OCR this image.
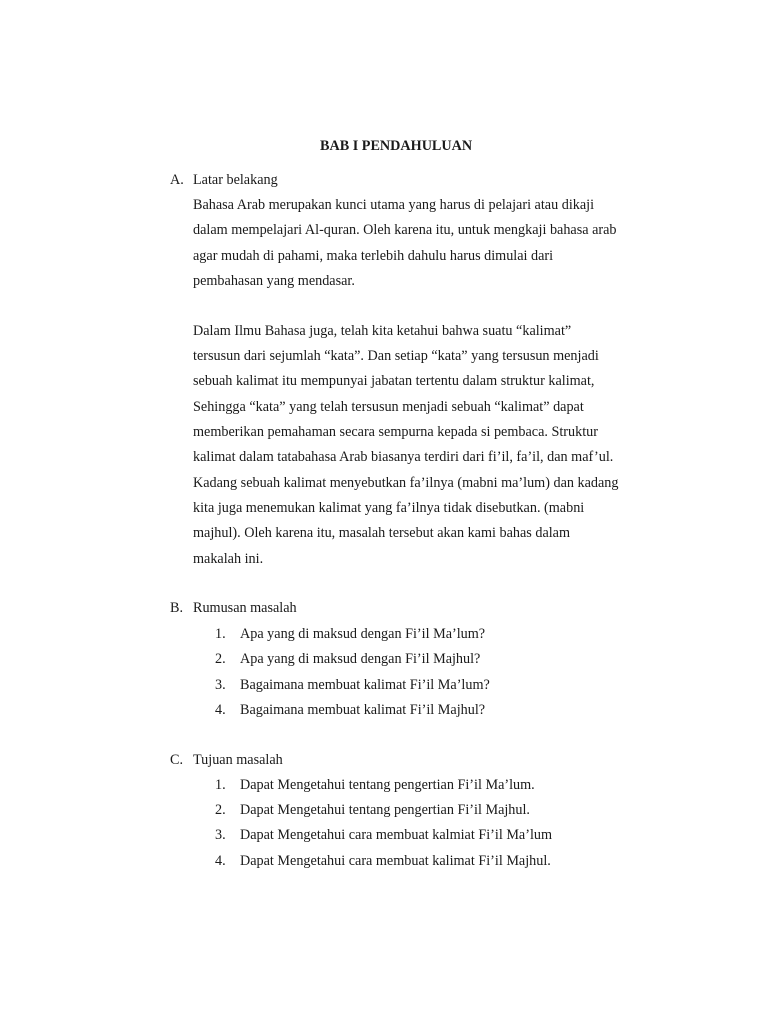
BAB I PENDAHULUAN
A. Latar belakang
Bahasa Arab merupakan kunci utama yang harus di pelajari atau dikaji
dalam mempelajari Al-quran. Oleh karena itu, untuk mengkaji bahasa arab
agar mudah di pahami, maka terlebih dahulu harus dimulai dari
pembahasan yang mendasar.
Dalam Ilmu Bahasa juga, telah kita ketahui bahwa suatu “kalimat”
tersusun dari sejumlah “kata”. Dan setiap “kata” yang tersusun menjadi
sebuah kalimat itu mempunyai jabatan tertentu dalam struktur kalimat,
Sehingga “kata” yang telah tersusun menjadi sebuah “kalimat” dapat
memberikan pemahaman secara sempurna kepada si pembaca. Struktur
kalimat dalam tatabahasa Arab biasanya terdiri dari fi’il, fa’il, dan maf’ul.
Kadang sebuah kalimat menyebutkan fa’ilnya (mabni ma’lum) dan kadang
kita juga menemukan kalimat yang fa’ilnya tidak disebutkan. (mabni
majhul). Oleh karena itu, masalah tersebut akan kami bahas dalam
makalah ini.
B. Rumusan masalah
1. Apa yang di maksud dengan Fi’il Ma’lum?
2. Apa yang di maksud dengan Fi’il Majhul?
3. Bagaimana membuat kalimat Fi’il Ma’lum?
4. Bagaimana membuat kalimat Fi’il Majhul?
C. Tujuan masalah
1. Dapat Mengetahui tentang pengertian Fi’il Ma’lum.
2. Dapat Mengetahui tentang pengertian Fi’il Majhul.
3. Dapat Mengetahui cara membuat kalmiat Fi’il Ma’lum
4. Dapat Mengetahui cara membuat kalimat Fi’il Majhul.
